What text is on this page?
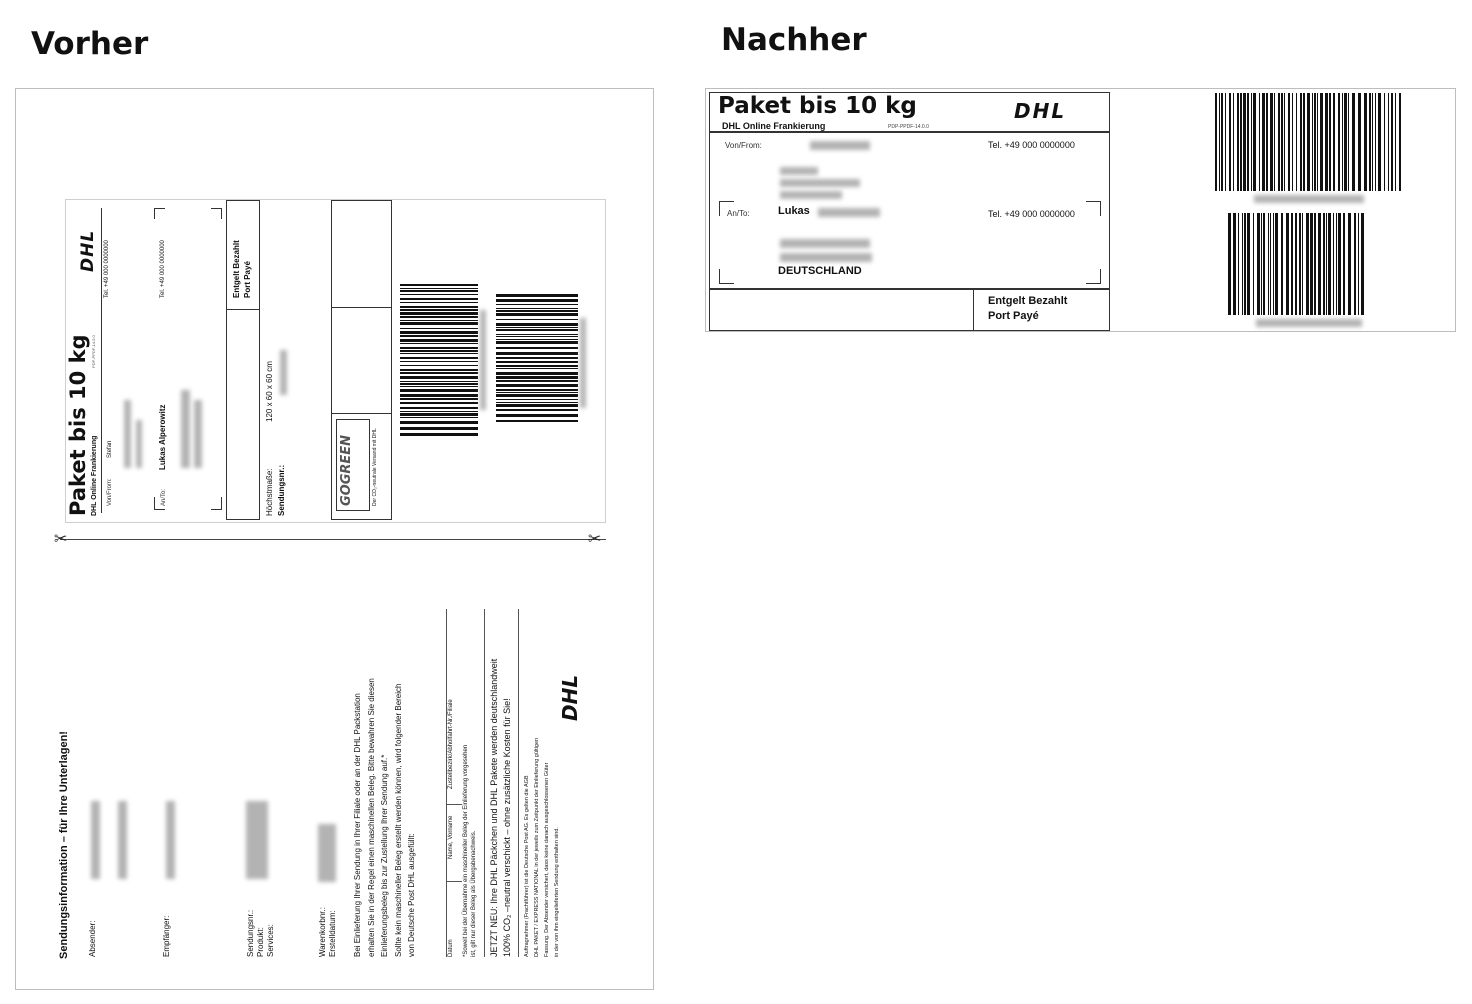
Vorher	Nachher
Paket bis 10 kg DHL Online Frankierung
PDP-PPDF-14.0.0
DHL
Von/From:
Stefan
Tel. +49 000 0000000
An/To:
Lukas Alperowitz
Tel. +49 000 0000000	Entgelt Bezahlt Port Payé
Höchstmaße:
120 x 60 x 60 cm
Sendungsnr.:	GOGREEN	Der CO₂-neutrale Versand mit DHL
✂	✂
Sendungsinformation – für Ihre Unterlagen! Absender:	Empfänger:	Sendungsnr.: Produkt: Services:	Warenkorbnr.: Erstelldatum: Bei Einlieferung Ihrer Sendung in Ihrer Filiale oder an der DHL Packstation erhalten Sie in der Regel einen maschinellen Beleg. Bitte bewahren Sie diesen Einlieferungsbeleg bis zur Zustellung Ihrer Sendung auf.* Sollte kein maschineller Beleg erstellt werden können, wird folgender Bereich von Deutsche Post DHL ausgefüllt:	Datum
Name, Vorname
Zustellbezirk/Abholfahrt-Nr./Filiale
*Soweit bei der Übernahme ein maschineller Beleg der Einlieferung vorgesehen ist, gilt nur dieser Beleg als Übergabenachweis. JETZT NEU: Ihre DHL Päckchen und DHL Pakete werden deutschlandweit 100% CO₂ –neutral verschickt – ohne zusätzliche Kosten für Sie!	Auftragnehmer (Frachtführer) ist die Deutsche Post AG. Es gelten die AGB DHL PAKET / EXPRESS NATIONAL in der jeweils zum Zeitpunkt der Einlieferung gültigen Fassung. Der Absender versichert, dass keine danach ausgeschlossenen Güter in der von ihm eingelieferten Sendung enthalten sind.
DHL
Paket bis 10 kg
DHL Online Frankierung	PDP-PPDF-14.0.0
DHL
Von/From:	Tel. +49 000 0000000
An/To:	Lukas	Tel. +49 000 0000000
DEUTSCHLAND
Entgelt Bezahlt
Port Payé
